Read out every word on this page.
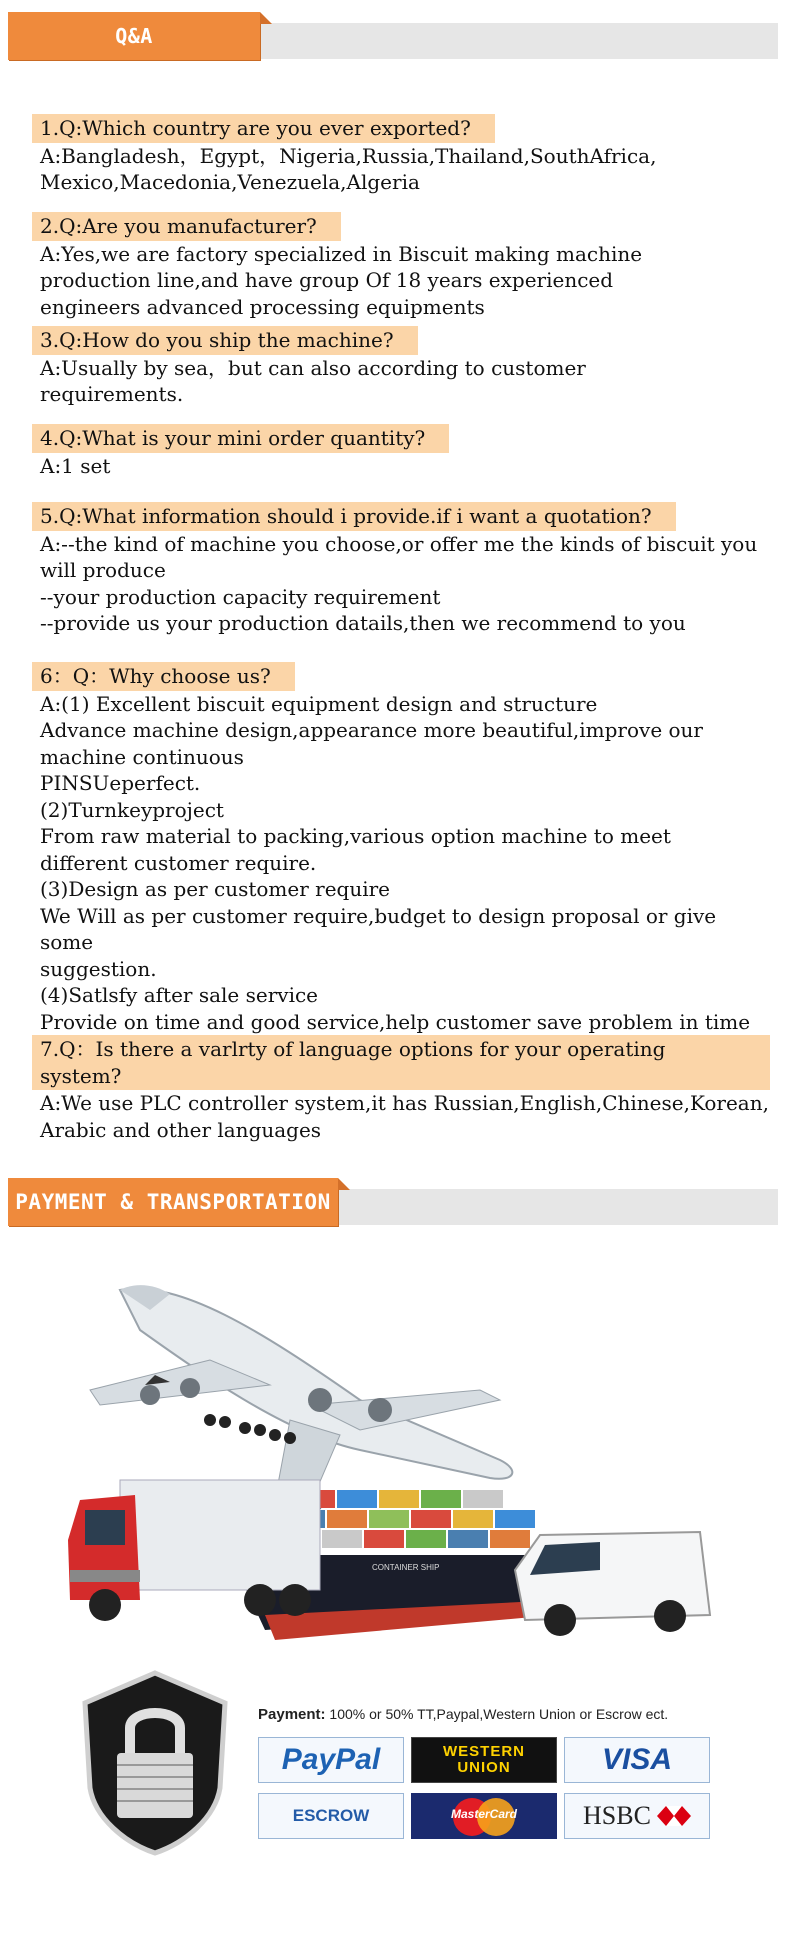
Q&A
1.Q:Which country are you ever exported?
A:Bangladesh，Egypt，Nigeria,Russia,Thailand,SouthAfrica,
Mexico,Macedonia,Venezuela,Algeria
2.Q:Are you manufacturer?
A:Yes,we are factory specialized in Biscuit making machine
production line,and have group Of 18 years experienced
engineers advanced processing equipments
3.Q:How do you ship the machine?
A:Usually by sea，but can also according to customer
requirements.
4.Q:What is your mini order quantity?
A:1 set
5.Q:What information should i provide.if i want a quotation?
A:--the kind of machine you choose,or offer me the kinds of biscuit you
will produce
--your production capacity requirement
--provide us your production datails,then we recommend to you
6：Q：Why choose us?
A:(1) Excellent biscuit equipment design and structure
Advance machine design,appearance more beautiful,improve our
machine continuous
PINSUeperfect.
(2)Turnkeyproject
From raw material to packing,various option machine to meet
different customer require.
(3)Design as per customer require
We Will as per customer require,budget to design proposal or give some
suggestion.
(4)Satlsfy after sale service
Provide on time and good service,help customer save problem in time
7.Q：Is there a varlrty of language options for your operating system?
A:We use PLC controller system,it has Russian,English,Chinese,Korean,
Arabic and other languages
PAYMENT & TRANSPORTATION
CONTAINER SHIP
Payment: 100% or 50% TT,Paypal,Western Union or Escrow ect.
PayPal	WESTERN UNION	VISA
ESCROW	MasterCard	HSBC
